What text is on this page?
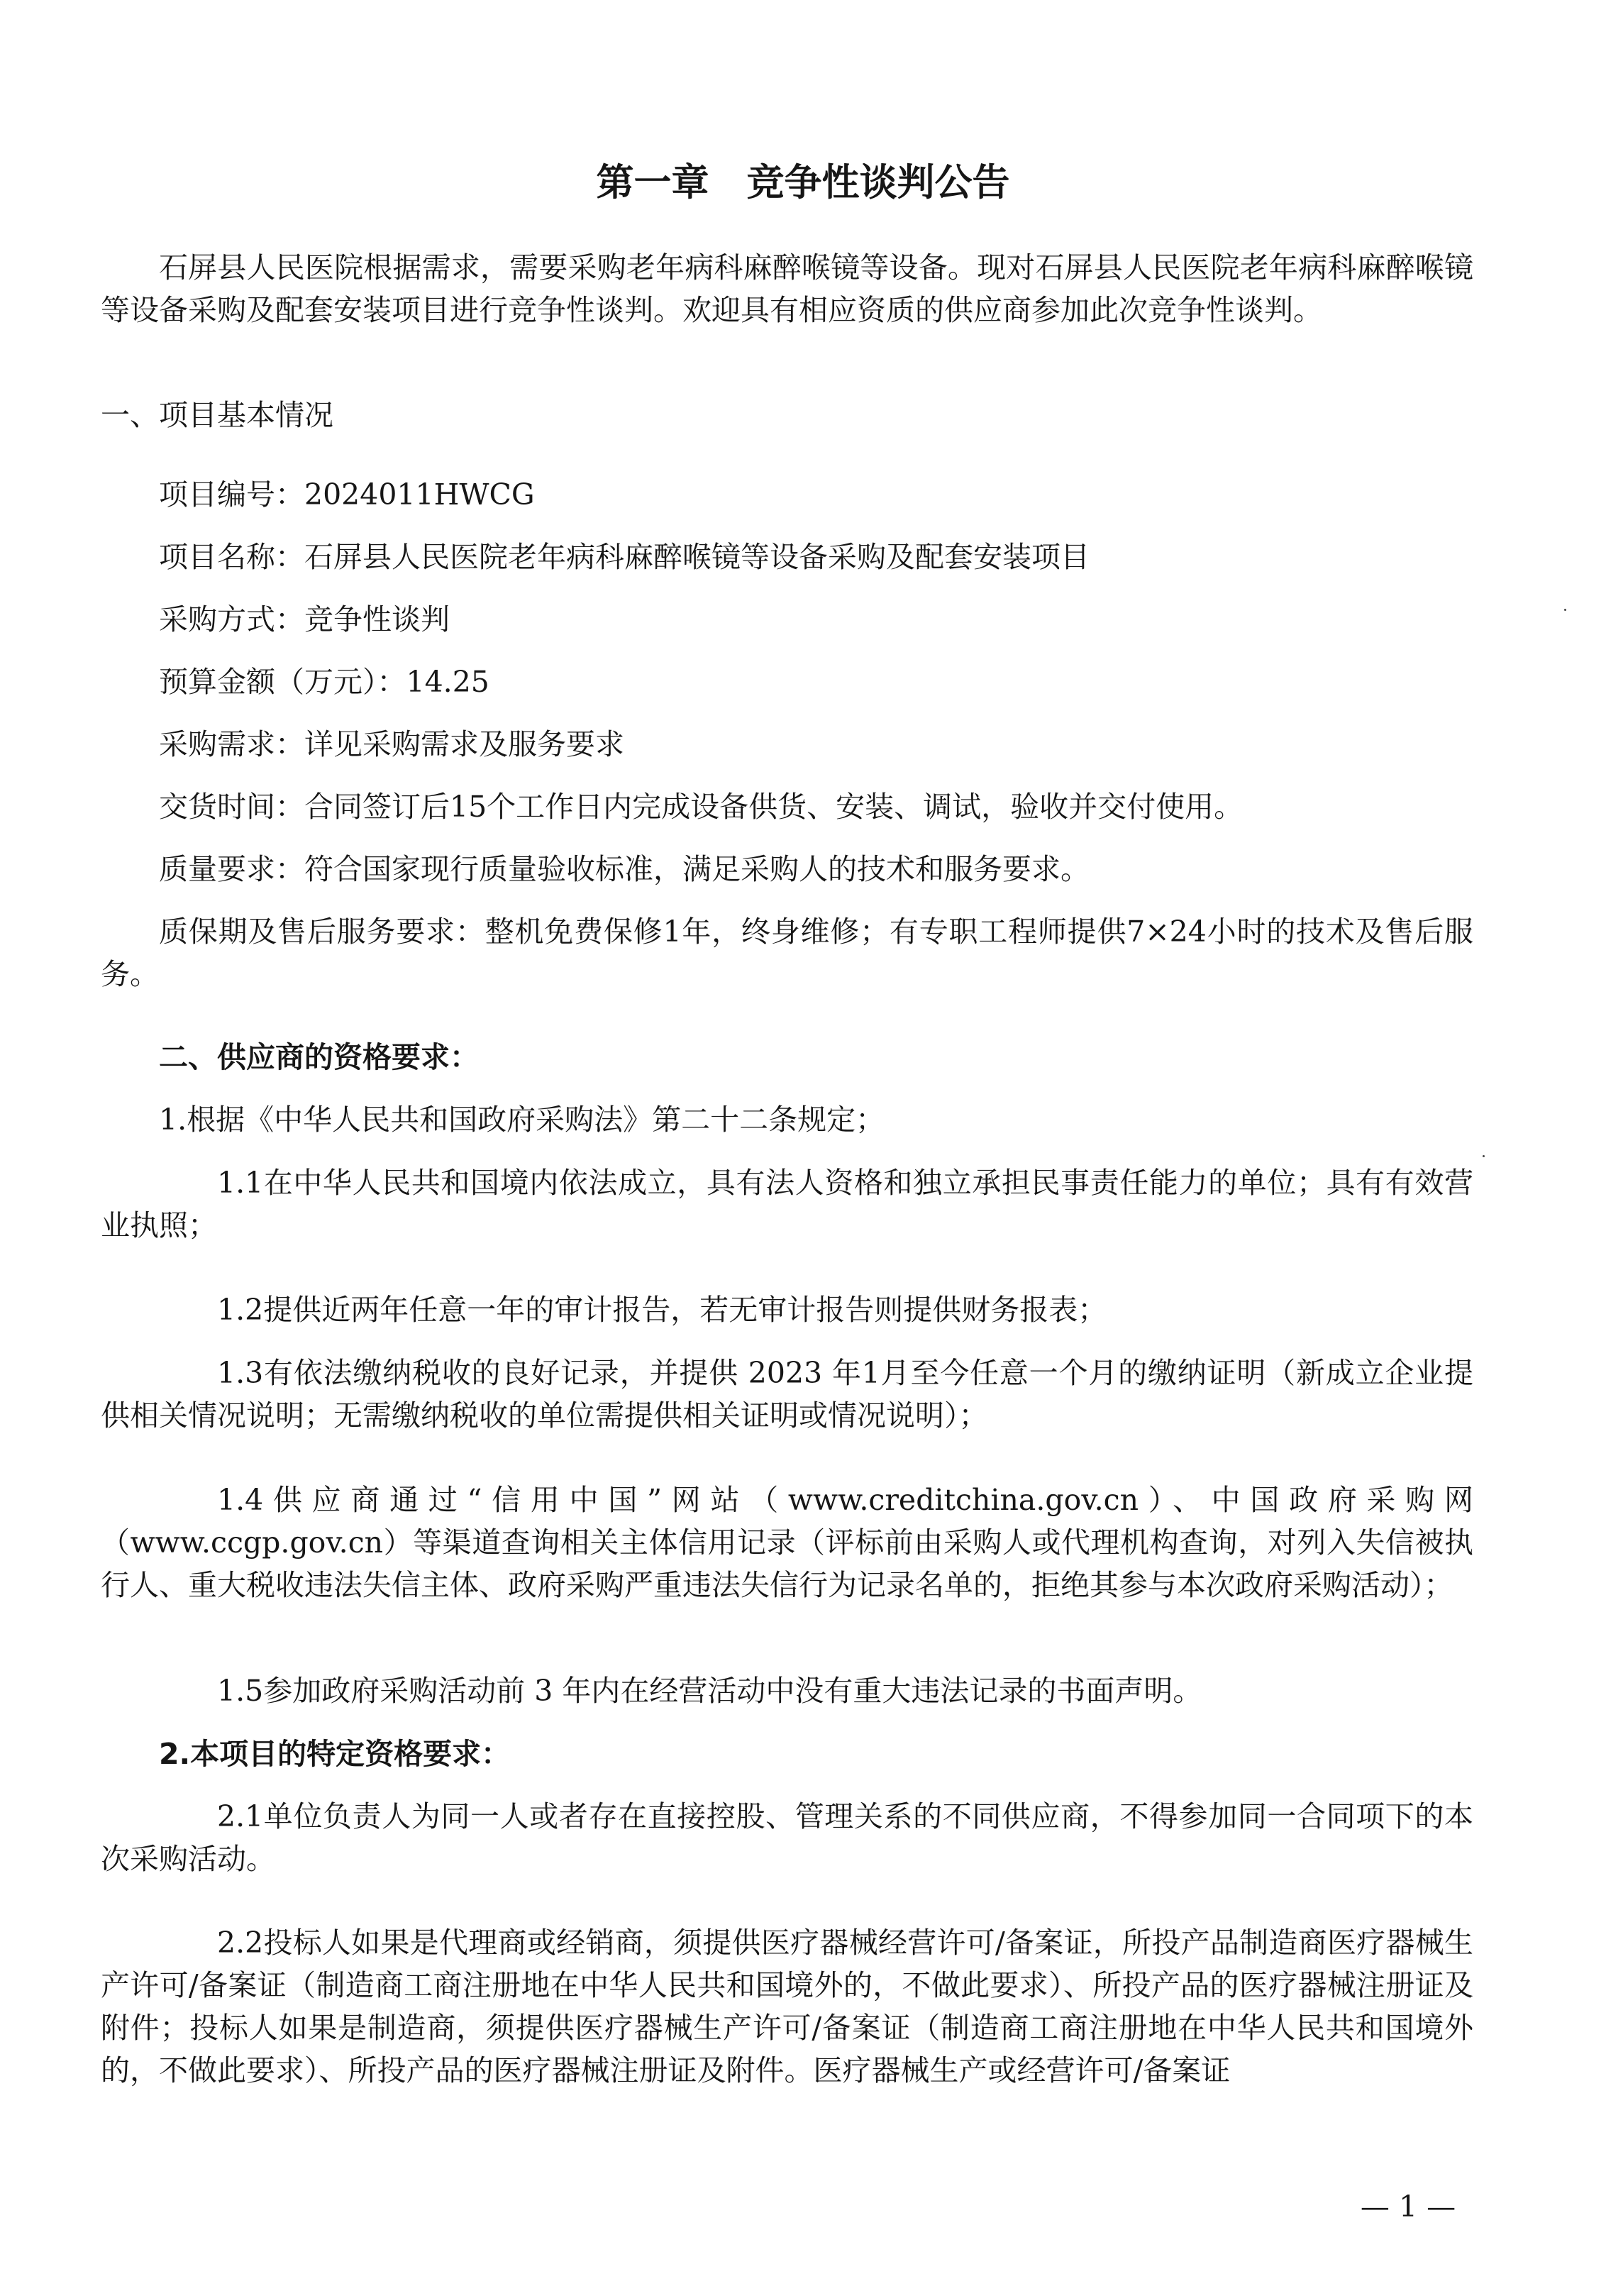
第一章　竞争性谈判公告

石屏县人民医院根据需求，需要采购老年病科麻醉喉镜等设备。现对石屏县人民医院老年病科麻醉喉镜等设备采购及配套安装项目进行竞争性谈判。欢迎具有相应资质的供应商参加此次竞争性谈判。

一、项目基本情况

项目编号：2024011HWCG

项目名称：石屏县人民医院老年病科麻醉喉镜等设备采购及配套安装项目

采购方式：竞争性谈判

预算金额（万元）：14.25

采购需求：详见采购需求及服务要求

交货时间：合同签订后15个工作日内完成设备供货、安装、调试，验收并交付使用。

质量要求：符合国家现行质量验收标准，满足采购人的技术和服务要求。

质保期及售后服务要求：整机免费保修1年，终身维修；有专职工程师提供7×24小时的技术及售后服务。

二、供应商的资格要求：

1.根据《中华人民共和国政府采购法》第二十二条规定；

1.1在中华人民共和国境内依法成立，具有法人资格和独立承担民事责任能力的单位；具有有效营业执照；

1.2提供近两年任意一年的审计报告，若无审计报告则提供财务报表；

1.3有依法缴纳税收的良好记录，并提供 2023 年1月至今任意一个月的缴纳证明（新成立企业提供相关情况说明；无需缴纳税收的单位需提供相关证明或情况说明）；

1.4供应商通过“信用中国”网站（www.creditchina.gov.cn）、中国政府采购网（www.ccgp.gov.cn）等渠道查询相关主体信用记录（评标前由采购人或代理机构查询，对列入失信被执行人、重大税收违法失信主体、政府采购严重违法失信行为记录名单的，拒绝其参与本次政府采购活动）；

1.5参加政府采购活动前 3 年内在经营活动中没有重大违法记录的书面声明。

2.本项目的特定资格要求：

2.1单位负责人为同一人或者存在直接控股、管理关系的不同供应商，不得参加同一合同项下的本次采购活动。

2.2投标人如果是代理商或经销商，须提供医疗器械经营许可/备案证，所投产品制造商医疗器械生产许可/备案证（制造商工商注册地在中华人民共和国境外的，不做此要求）、所投产品的医疗器械注册证及附件；投标人如果是制造商，须提供医疗器械生产许可/备案证（制造商工商注册地在中华人民共和国境外的，不做此要求）、所投产品的医疗器械注册证及附件。医疗器械生产或经营许可/备案证

— 1 —
